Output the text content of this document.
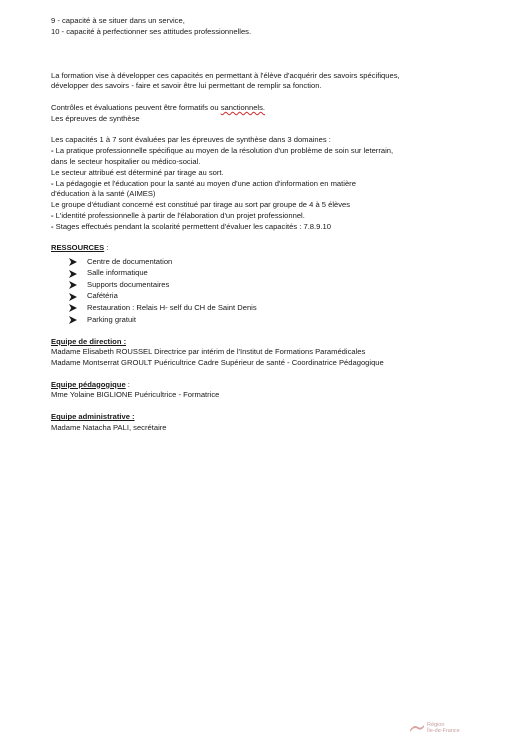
9 - capacité à se situer dans un service,

10 - capacité à perfectionner ses attitudes professionnelles.

La formation vise à développer ces capacités en permettant à l'élève d'acquérir des savoirs spécifiques,

développer des savoirs - faire et savoir être lui permettant de remplir sa fonction.

Contrôles et évaluations peuvent être formatifs ou sanctionnels.

Les épreuves de synthèse

Les capacités 1 à 7 sont évaluées par les épreuves de synthèse dans 3 domaines :

- La pratique professionnelle spécifique au moyen de la résolution d'un problème de soin sur leterrain,

dans le secteur hospitalier ou médico-social.

Le secteur attribué est déterminé par tirage au sort.

- La pédagogie et l'éducation pour la santé au moyen d'une action d'information en matière

d'éducation à la santé (AIMES)

Le groupe d'étudiant concerné est constitué par tirage au sort par groupe de 4 à 5 élèves

- L'identité professionnelle à partir de l'élaboration d'un projet professionnel.

- Stages effectués pendant la scolarité permettent d'évaluer les capacités : 7.8.9.10

RESSOURCES :

Centre de documentation
Salle informatique
Supports documentaires
Cafétéria
Restauration : Relais H- self du CH de Saint Denis
Parking gratuit

Equipe de direction :

Madame Elisabeth ROUSSEL Directrice par intérim de l'Institut de Formations Paramédicales

Madame Montserrat GROULT Puéricultrice Cadre Supérieur de santé - Coordinatrice Pédagogique

Equipe pédagogique :

Mme Yolaine BIGLIONE Puéricultrice - Formatrice

Equipe administrative :

Madame Natacha PALI, secrétaire

Région
Île-de-France
